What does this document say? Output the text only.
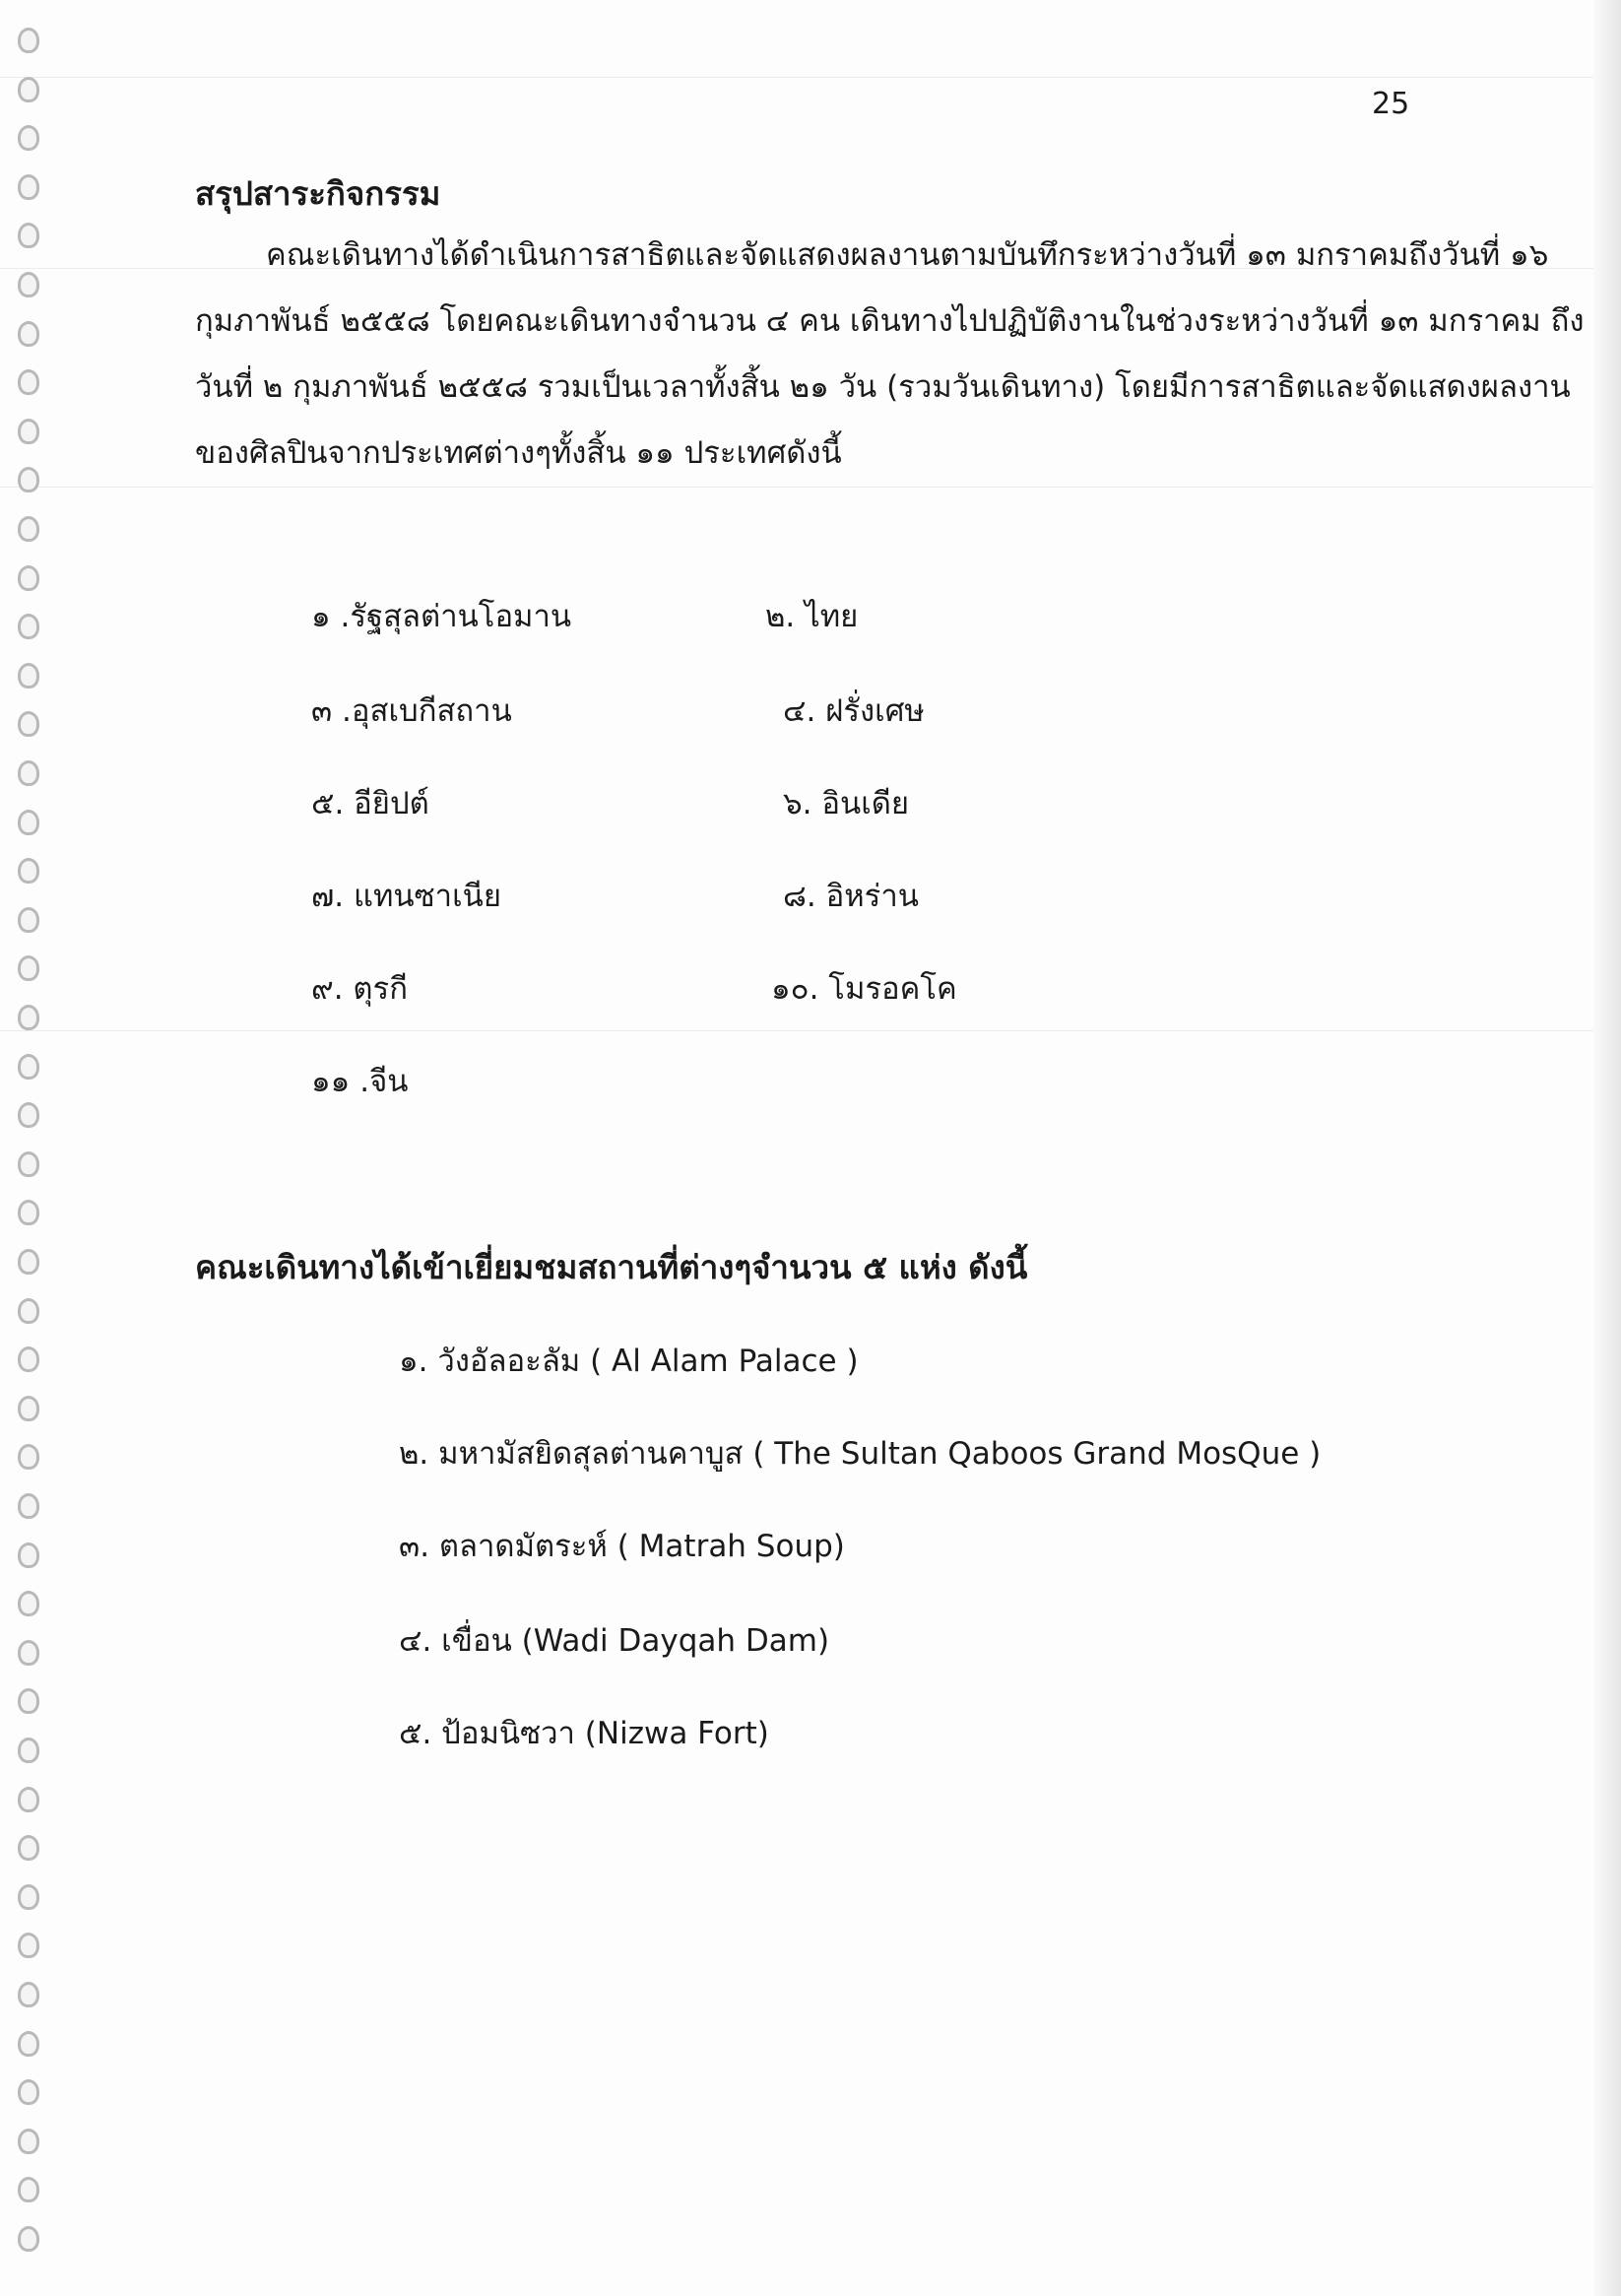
25
สรุปสาระกิจกรรม

คณะเดินทางได้ดำเนินการสาธิตและจัดแสดงผลงานตามบันทึกระหว่างวันที่ ๑๓ มกราคมถึงวันที่ ๑๖

กุมภาพันธ์ ๒๕๕๘ โดยคณะเดินทางจำนวน ๔ คน เดินทางไปปฏิบัติงานในช่วงระหว่างวันที่ ๑๓ มกราคม ถึง

วันที่ ๒ กุมภาพันธ์ ๒๕๕๘ รวมเป็นเวลาทั้งสิ้น ๒๑ วัน (รวมวันเดินทาง) โดยมีการสาธิตและจัดแสดงผลงาน

ของศิลปินจากประเทศต่างๆทั้งสิ้น ๑๑ ประเทศดังนี้

๑ .รัฐสุลต่านโอมาน	๒. ไทย
๓ .อุสเบกีสถาน	๔. ฝรั่งเศษ
๕. อียิปต์	๖. อินเดีย
๗. แทนซาเนีย	๘. อิหร่าน
๙. ตุรกี	๑๐. โมรอคโค
๑๑ .จีน
คณะเดินทางได้เข้าเยี่ยมชมสถานที่ต่างๆจำนวน ๕ แห่ง ดังนี้
๑. วังอัลอะลัม ( Al Alam Palace )
๒. มหามัสยิดสุลต่านคาบูส ( The Sultan Qaboos Grand MosQue )
๓. ตลาดมัตระห์ ( Matrah Soup)
๔. เขื่อน (Wadi Dayqah Dam)
๕. ป้อมนิซวา (Nizwa Fort)
